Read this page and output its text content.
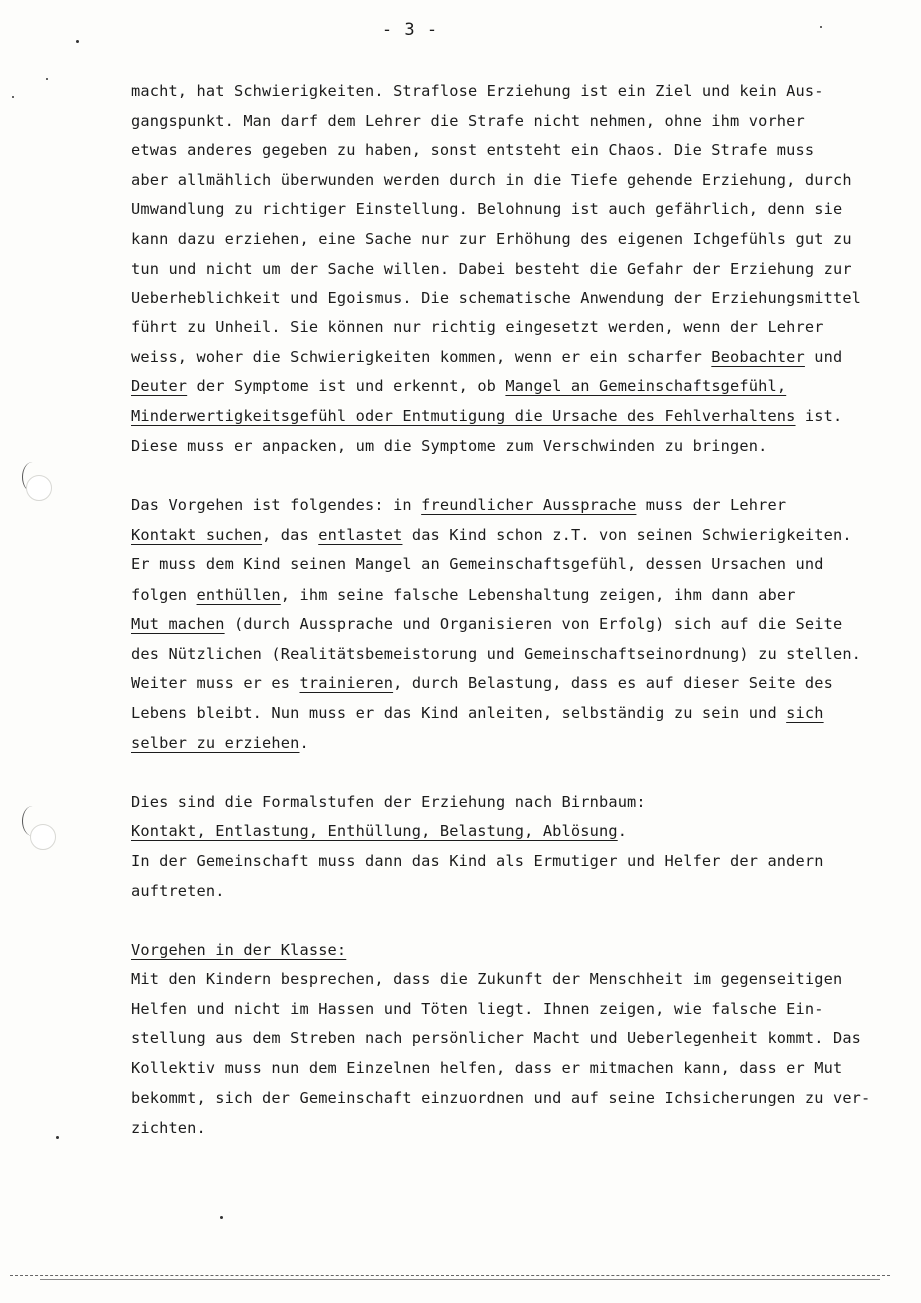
- 3 -
macht, hat Schwierigkeiten. Straflose Erziehung ist ein Ziel und kein Aus-
gangspunkt. Man darf dem Lehrer die Strafe nicht nehmen, ohne ihm vorher
etwas anderes gegeben zu haben, sonst entsteht ein Chaos. Die Strafe muss
aber allmählich überwunden werden durch in die Tiefe gehende Erziehung, durch
Umwandlung zu richtiger Einstellung. Belohnung ist auch gefährlich, denn sie
kann dazu erziehen, eine Sache nur zur Erhöhung des eigenen Ichgefühls gut zu
tun und nicht um der Sache willen. Dabei besteht die Gefahr der Erziehung zur
Ueberheblichkeit und Egoismus. Die schematische Anwendung der Erziehungsmittel
führt zu Unheil. Sie können nur richtig eingesetzt werden, wenn der Lehrer
weiss, woher die Schwierigkeiten kommen, wenn er ein scharfer Beobachter und
Deuter der Symptome ist und erkennt, ob Mangel an Gemeinschaftsgefühl,
Minderwertigkeitsgefühl oder Entmutigung die Ursache des Fehlverhaltens ist.
Diese muss er anpacken, um die Symptome zum Verschwinden zu bringen.
Das Vorgehen ist folgendes: in freundlicher Aussprache muss der Lehrer
Kontakt suchen, das entlastet das Kind schon z.T. von seinen Schwierigkeiten.
Er muss dem Kind seinen Mangel an Gemeinschaftsgefühl, dessen Ursachen und
folgen enthüllen, ihm seine falsche Lebenshaltung zeigen, ihm dann aber
Mut machen (durch Aussprache und Organisieren von Erfolg) sich auf die Seite
des Nützlichen (Realitätsbemeistorung und Gemeinschaftseinordnung) zu stellen.
Weiter muss er es trainieren, durch Belastung, dass es auf dieser Seite des
Lebens bleibt. Nun muss er das Kind anleiten, selbständig zu sein und sich
selber zu erziehen.
Dies sind die Formalstufen der Erziehung nach Birnbaum:
Kontakt, Entlastung, Enthüllung, Belastung, Ablösung.
In der Gemeinschaft muss dann das Kind als Ermutiger und Helfer der andern
auftreten.
Vorgehen in der Klasse:
Mit den Kindern besprechen, dass die Zukunft der Menschheit im gegenseitigen
Helfen und nicht im Hassen und Töten liegt. Ihnen zeigen, wie falsche Ein-
stellung aus dem Streben nach persönlicher Macht und Ueberlegenheit kommt. Das
Kollektiv muss nun dem Einzelnen helfen, dass er mitmachen kann, dass er Mut
bekommt, sich der Gemeinschaft einzuordnen und auf seine Ichsicherungen zu ver-
zichten.
